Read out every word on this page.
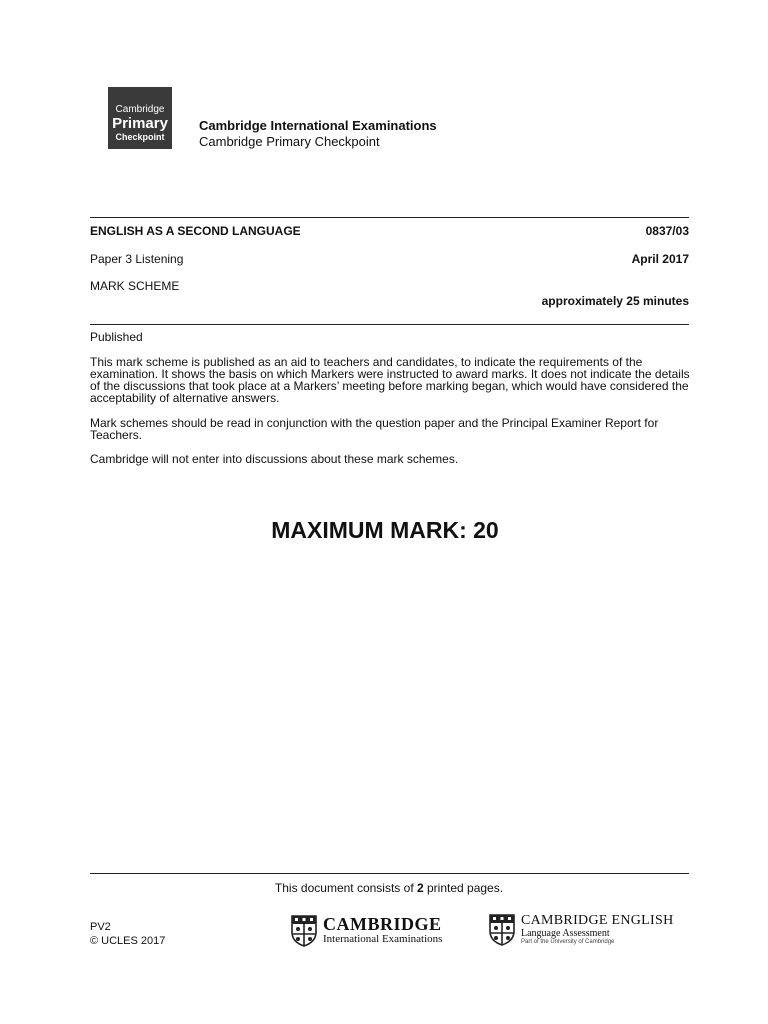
Cambridge
Primary
Checkpoint
Cambridge International Examinations
Cambridge Primary Checkpoint
ENGLISH AS A SECOND LANGUAGE	0837/03
Paper 3 Listening	April 2017
MARK SCHEME
approximately 25 minutes
Published
This mark scheme is published as an aid to teachers and candidates, to indicate the requirements of the examination. It shows the basis on which Markers were instructed to award marks. It does not indicate the details of the discussions that took place at a Markers’ meeting before marking began, which would have considered the acceptability of alternative answers.
Mark schemes should be read in conjunction with the question paper and the Principal Examiner Report for Teachers.
Cambridge will not enter into discussions about these mark schemes.
MAXIMUM MARK: 20
This document consists of 2 printed pages.
PV2
© UCLES 2017
CAMBRIDGE
International Examinations
CAMBRIDGE ENGLISH
Language Assessment
Part of the University of Cambridge
